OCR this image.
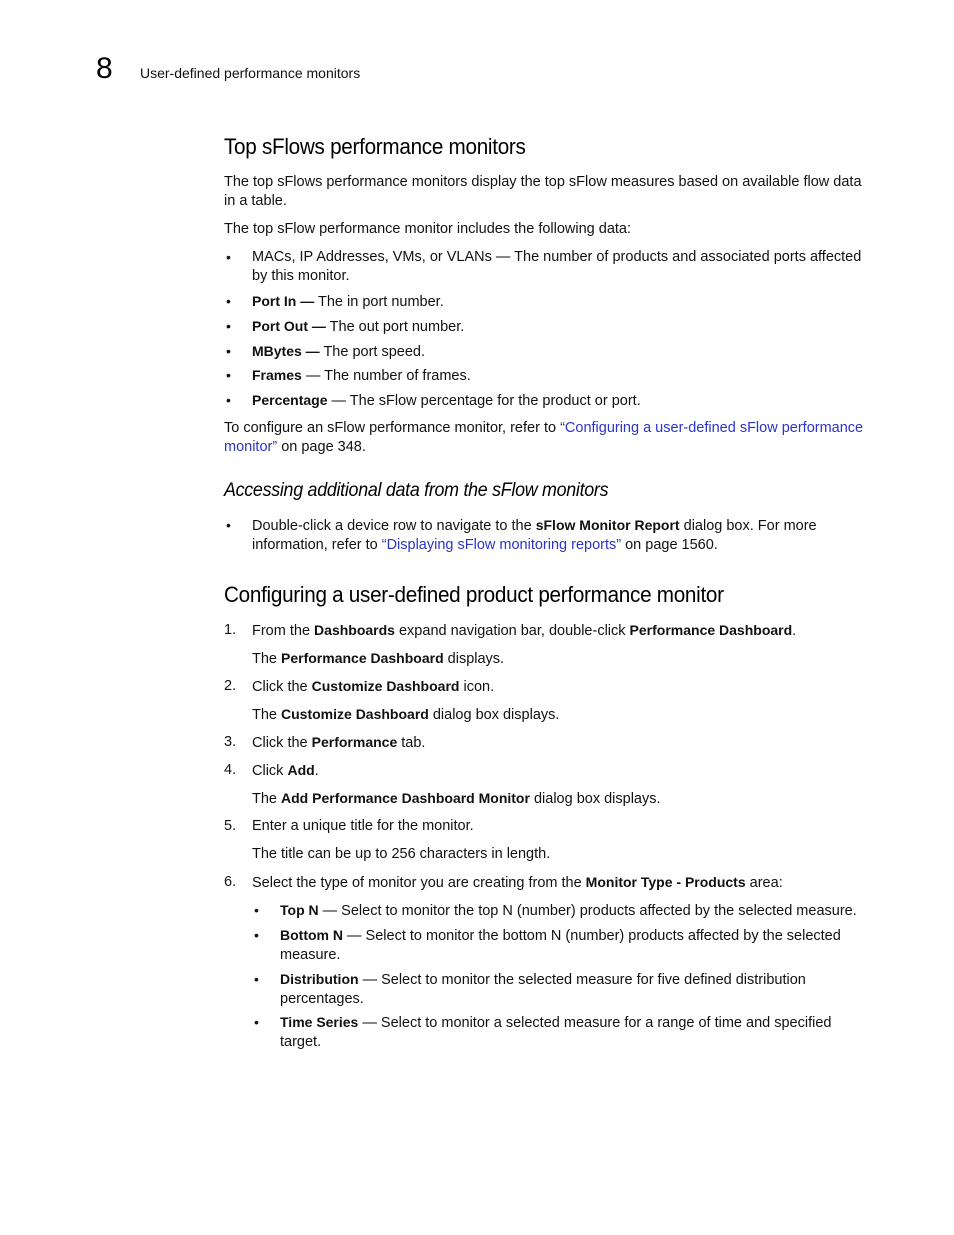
8 User-defined performance monitors
Top sFlows performance monitors

The top sFlows performance monitors display the top sFlow measures based on available flow data in a table.

The top sFlow performance monitor includes the following data:

• MACs, IP Addresses, VMs, or VLANs — The number of products and associated ports affected by this monitor.
• Port In — The in port number.
• Port Out — The out port number.
• MBytes — The port speed.
• Frames — The number of frames.
• Percentage — The sFlow percentage for the product or port.

To configure an sFlow performance monitor, refer to “Configuring a user-defined sFlow performance monitor” on page 348.

Accessing additional data from the sFlow monitors
• Double-click a device row to navigate to the sFlow Monitor Report dialog box. For more information, refer to “Displaying sFlow monitoring reports” on page 1560.
Configuring a user-defined product performance monitor
1. From the Dashboards expand navigation bar, double-click Performance Dashboard.

The Performance Dashboard displays.

2. Click the Customize Dashboard icon.

The Customize Dashboard dialog box displays.

3. Click the Performance tab.
4. Click Add.

The Add Performance Dashboard Monitor dialog box displays.

5. Enter a unique title for the monitor.

The title can be up to 256 characters in length.

6. Select the type of monitor you are creating from the Monitor Type - Products area:
• Top N — Select to monitor the top N (number) products affected by the selected measure.
• Bottom N — Select to monitor the bottom N (number) products affected by the selected measure.
• Distribution — Select to monitor the selected measure for five defined distribution percentages.
• Time Series — Select to monitor a selected measure for a range of time and specified target.
